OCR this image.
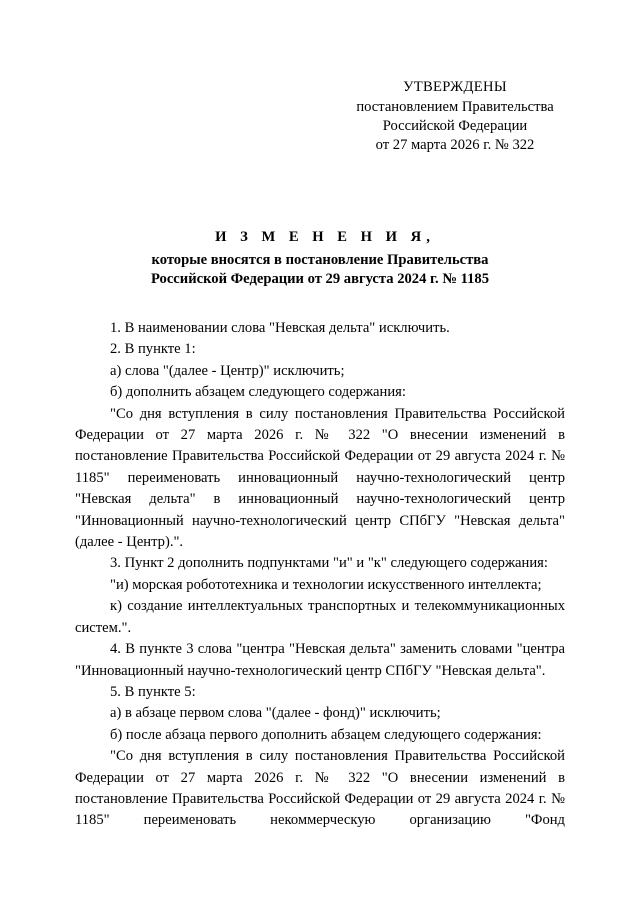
УТВЕРЖДЕНЫ
постановлением Правительства
Российской Федерации
от 27 марта 2026 г. № 322
И З М Е Н Е Н И Я,
которые вносятся в постановление Правительства
Российской Федерации от 29 августа 2024 г. № 1185

1. В наименовании слова "Невская дельта" исключить.

2. В пункте 1:

а) слова "(далее - Центр)" исключить;

б) дополнить абзацем следующего содержания:

"Со дня вступления в силу постановления Правительства Российской Федерации от 27 марта 2026 г. № 322 "О внесении изменений в постановление Правительства Российской Федерации от 29 августа 2024 г. № 1185" переименовать инновационный научно-технологический центр "Невская дельта" в инновационный научно-технологический центр "Инновационный научно-технологический центр СПбГУ "Невская дельта" (далее - Центр).".

3. Пункт 2 дополнить подпунктами "и" и "к" следующего содержания:

"и) морская робототехника и технологии искусственного интеллекта;

к) создание интеллектуальных транспортных и телекоммуникационных систем.".

4. В пункте 3 слова "центра "Невская дельта" заменить словами "центра "Инновационный научно-технологический центр СПбГУ "Невская дельта".

5. В пункте 5:

а) в абзаце первом слова "(далее - фонд)" исключить;

б) после абзаца первого дополнить абзацем следующего содержания:

"Со дня вступления в силу постановления Правительства Российской Федерации от 27 марта 2026 г. № 322 "О внесении изменений в постановление Правительства Российской Федерации от 29 августа 2024 г. № 1185" переименовать некоммерческую организацию "Фонд
